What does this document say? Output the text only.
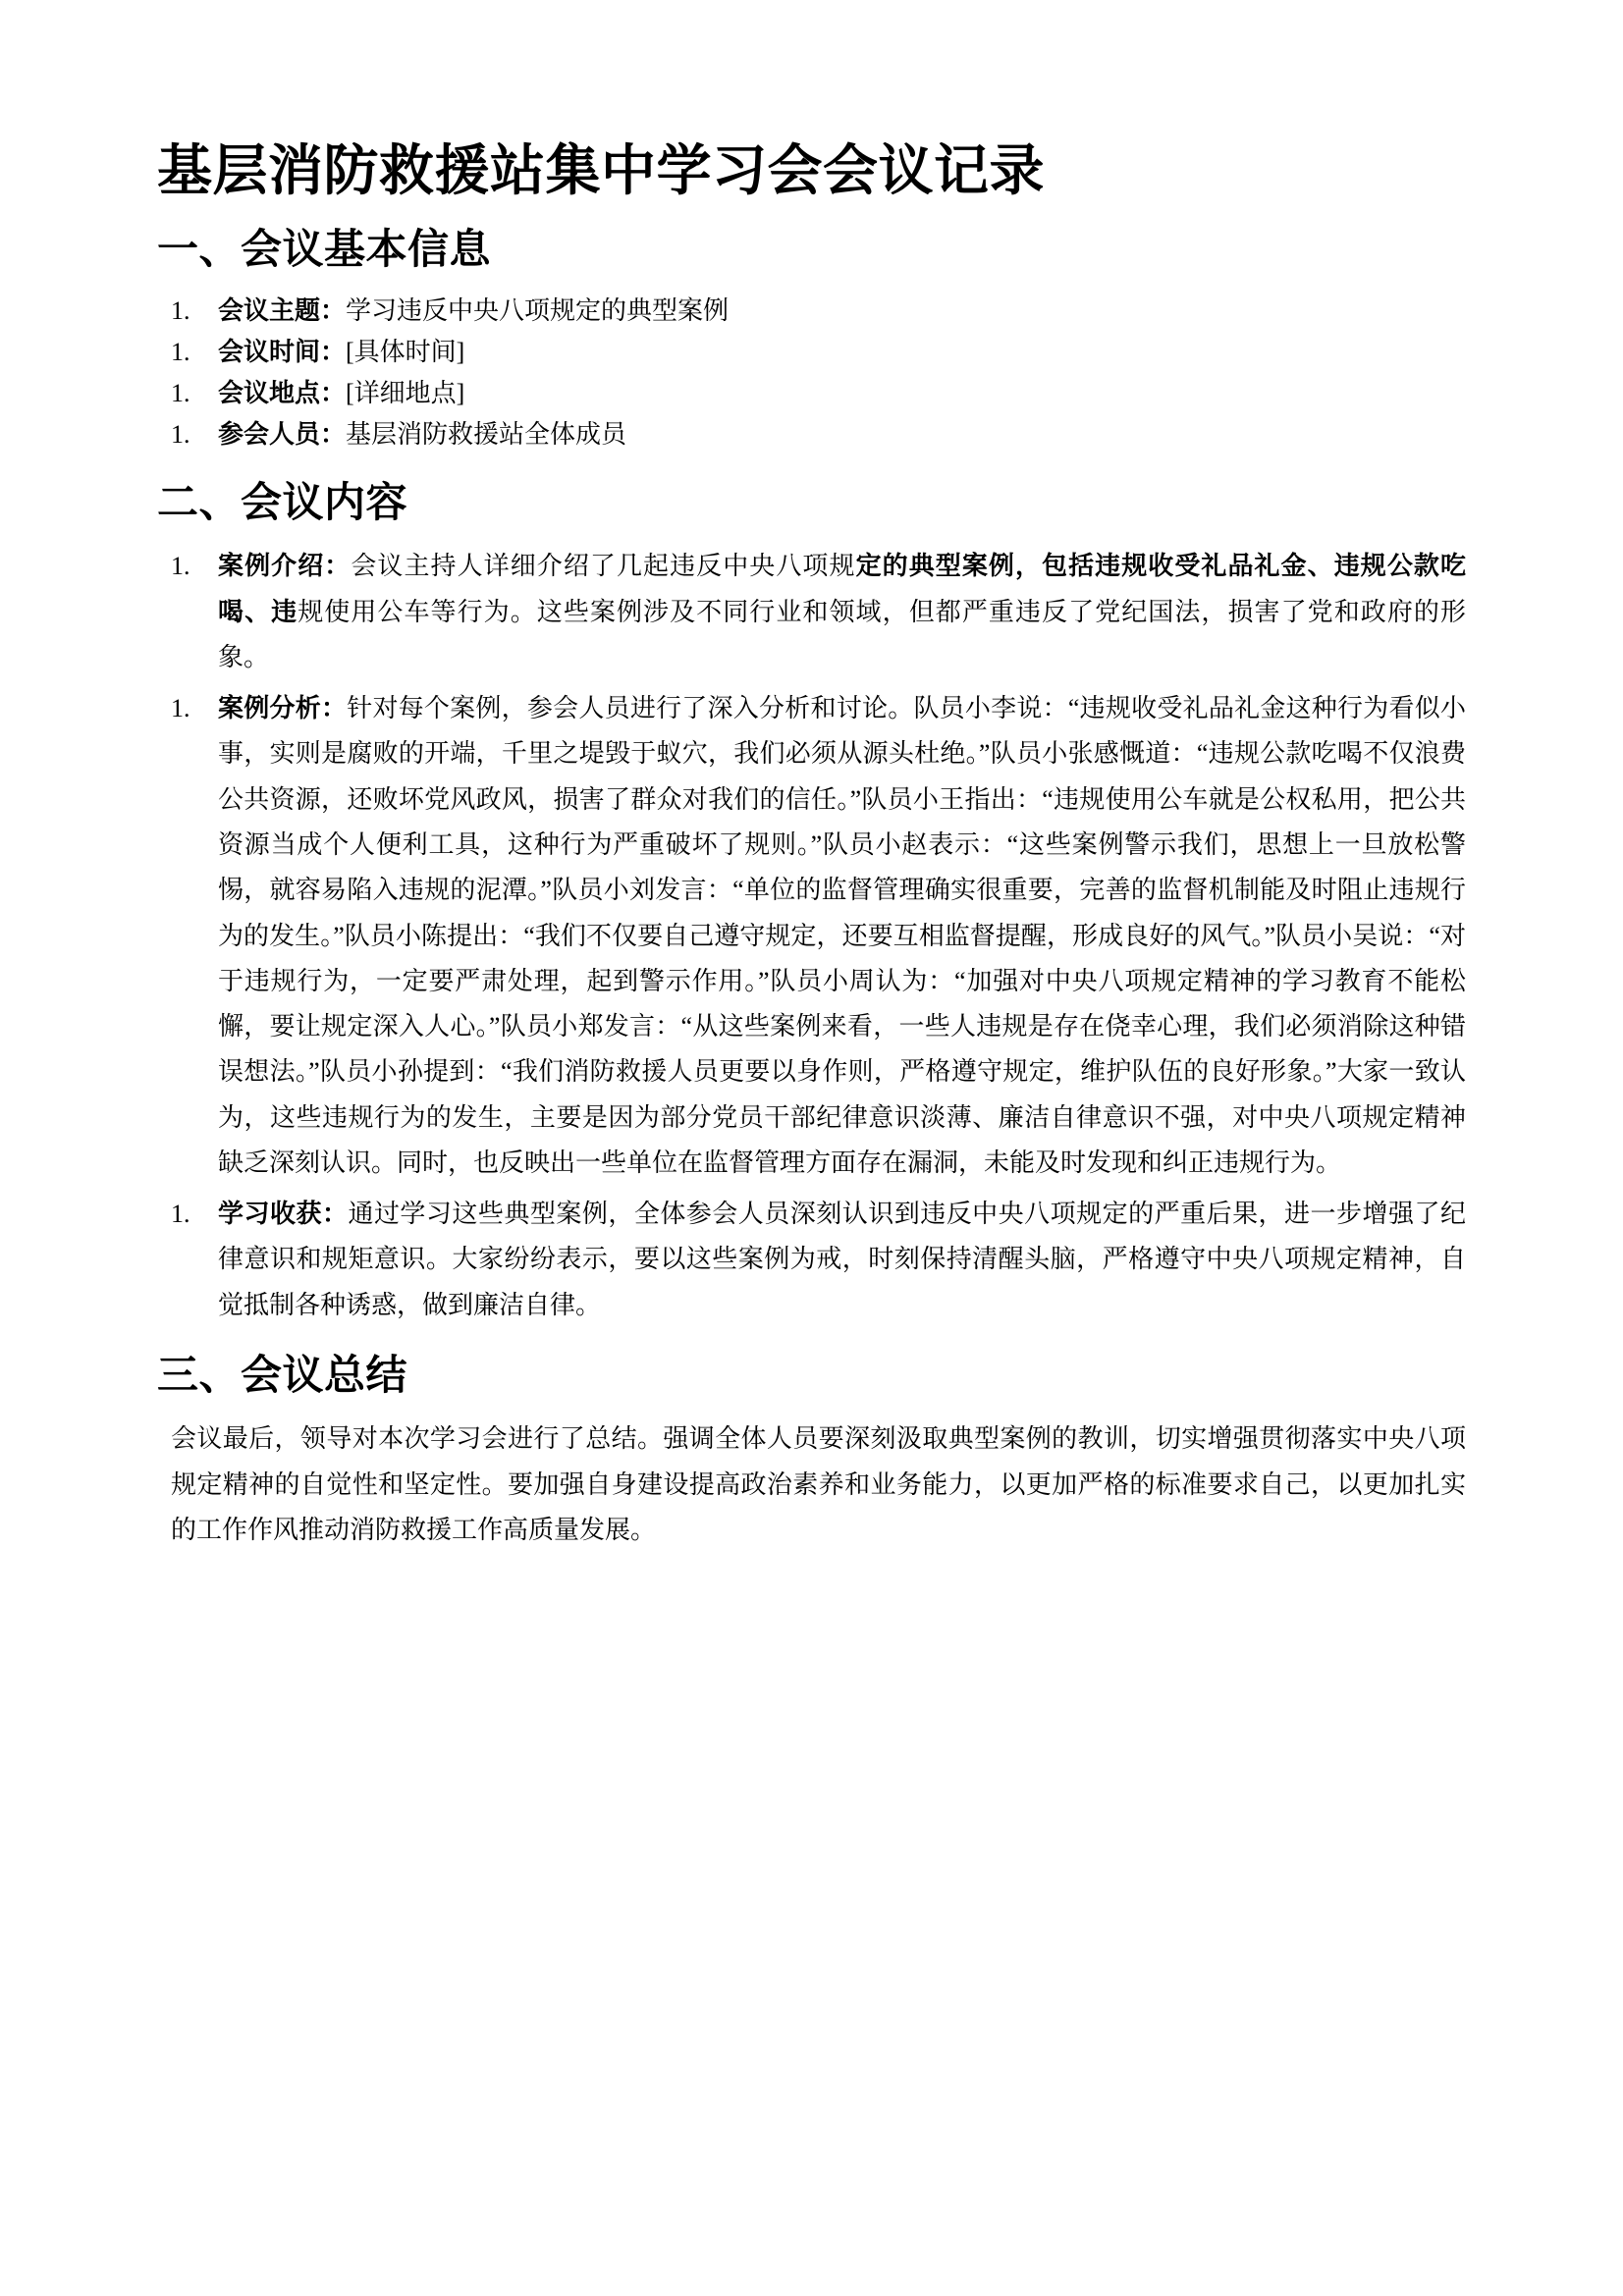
基层消防救援站集中学习会会议记录
一、会议基本信息
1. 会议主题：学习违反中央八项规定的典型案例
1. 会议时间：[具体时间]
1. 会议地点：[详细地点]
1. 参会人员：基层消防救援站全体成员
二、会议内容
1. 案例介绍：会议主持人详细介绍了几起违反中央八项规定的典型案例，包括违规收受礼品礼金、违规公款吃喝、违规使用公车等行为。这些案例涉及不同行业和领域，但都严重违反了党纪国法，损害了党和政府的形象。
1. 案例分析：针对每个案例，参会人员进行了深入分析和讨论。队员小李说：“违规收受礼品礼金这种行为看似小事，实则是腐败的开端，千里之堤毁于蚁穴，我们必须从源头杜绝。”队员小张感慨道：“违规公款吃喝不仅浪费公共资源，还败坏党风政风，损害了群众对我们的信任。”队员小王指出：“违规使用公车就是公权私用，把公共资源当成个人便利工具，这种行为严重破坏了规则。”队员小赵表示：“这些案例警示我们，思想上一旦放松警惕，就容易陷入违规的泥潭。”队员小刘发言：“单位的监督管理确实很重要，完善的监督机制能及时阻止违规行为的发生。”队员小陈提出：“我们不仅要自己遵守规定，还要互相监督提醒，形成良好的风气。”队员小吴说：“对于违规行为，一定要严肃处理，起到警示作用。”队员小周认为：“加强对中央八项规定精神的学习教育不能松懈，要让规定深入人心。”队员小郑发言：“从这些案例来看，一些人违规是存在侥幸心理，我们必须消除这种错误想法。”队员小孙提到：“我们消防救援人员更要以身作则，严格遵守规定，维护队伍的良好形象。”大家一致认为，这些违规行为的发生，主要是因为部分党员干部纪律意识淡薄、廉洁自律意识不强，对中央八项规定精神缺乏深刻认识。同时，也反映出一些单位在监督管理方面存在漏洞，未能及时发现和纠正违规行为。
1. 学习收获：通过学习这些典型案例，全体参会人员深刻认识到违反中央八项规定的严重后果，进一步增强了纪律意识和规矩意识。大家纷纷表示，要以这些案例为戒，时刻保持清醒头脑，严格遵守中央八项规定精神，自觉抵制各种诱惑，做到廉洁自律。
三、会议总结

会议最后，领导对本次学习会进行了总结。强调全体人员要深刻汲取典型案例的教训，切实增强贯彻落实中央八项规定精神的自觉性和坚定性。要加强自身建设提高政治素养和业务能力，以更加严格的标准要求自己，以更加扎实的工作作风推动消防救援工作高质量发展。
